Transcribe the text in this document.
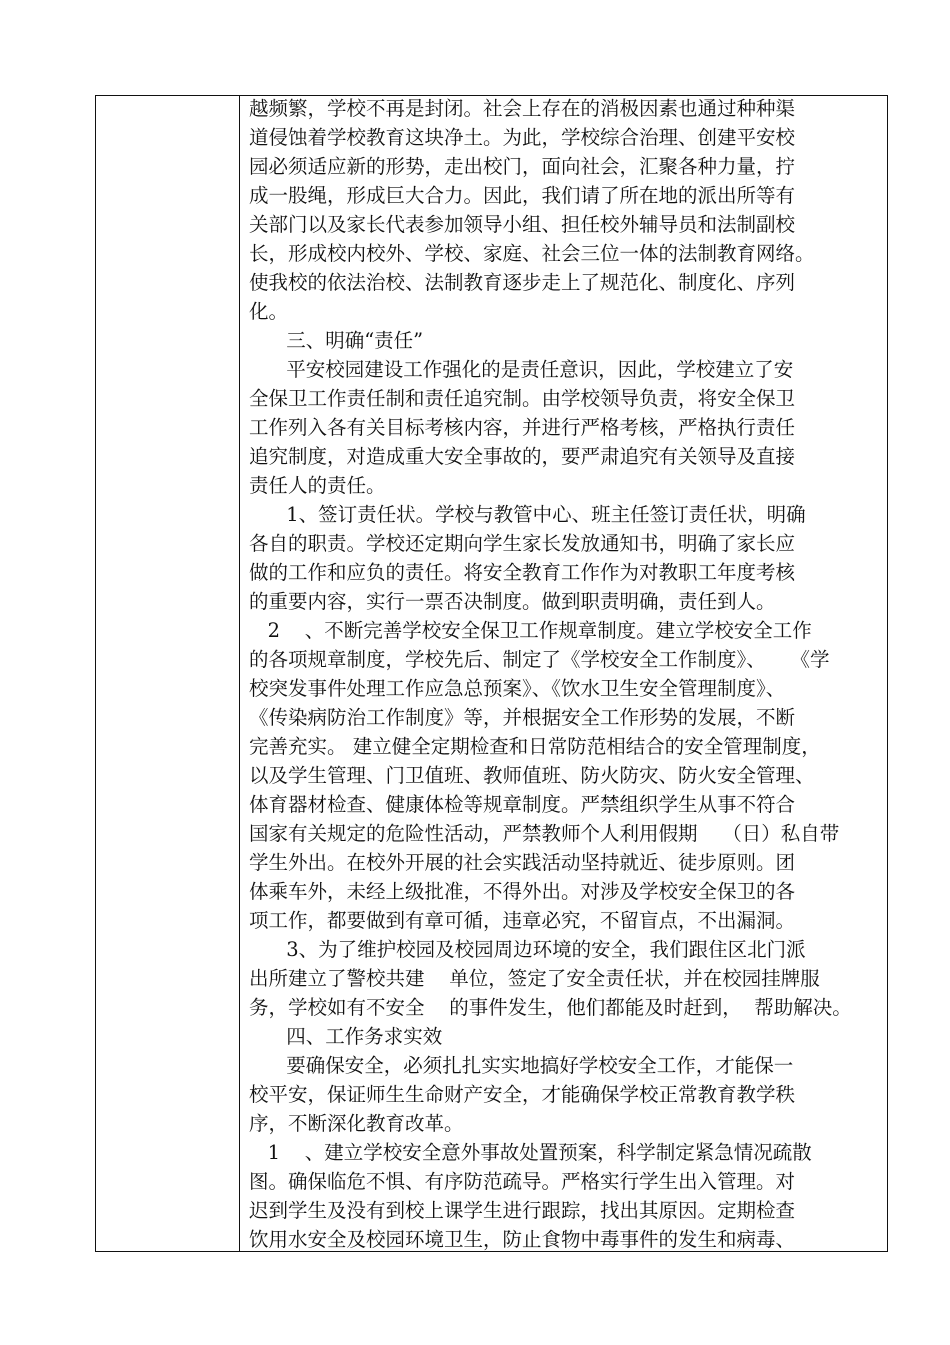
越频繁，学校不再是封闭。社会上存在的消极因素也通过种种渠
道侵蚀着学校教育这块净土。为此，学校综合治理、创建平安校
园必须适应新的形势，走出校门，面向社会，汇聚各种力量，拧
成一股绳，形成巨大合力。因此，我们请了所在地的派出所等有
关部门以及家长代表参加领导小组、担任校外辅导员和法制副校
长，形成校内校外、学校、家庭、社会三位一体的法制教育网络。
使我校的依法治校、法制教育逐步走上了规范化、制度化、序列
化。
三、明确“责任”
平安校园建设工作强化的是责任意识，因此，学校建立了安
全保卫工作责任制和责任追究制。由学校领导负责，将安全保卫
工作列入各有关目标考核内容，并进行严格考核，严格执行责任
追究制度，对造成重大安全事故的，要严肃追究有关领导及直接
责任人的责任。
1、签订责任状。学校与教管中心、班主任签订责任状，明确
各自的职责。学校还定期向学生家长发放通知书，明确了家长应
做的工作和应负的责任。将安全教育工作作为对教职工年度考核
的重要内容，实行一票否决制度。做到职责明确，责任到人。
2    、不断完善学校安全保卫工作规章制度。建立学校安全工作
的各项规章制度，学校先后、制定了《学校安全工作制度》、    《学
校突发事件处理工作应急总预案》、《饮水卫生安全管理制度》、
《传染病防治工作制度》等，并根据安全工作形势的发展，不断
完善充实。 建立健全定期检查和日常防范相结合的安全管理制度，
以及学生管理、门卫值班、教师值班、防火防灾、防火安全管理、
体育器材检查、健康体检等规章制度。严禁组织学生从事不符合
国家有关规定的危险性活动，严禁教师个人利用假期    （日）私自带
学生外出。在校外开展的社会实践活动坚持就近、徒步原则。团
体乘车外，未经上级批准，不得外出。对涉及学校安全保卫的各
项工作，都要做到有章可循，违章必究，不留盲点，不出漏洞。
3、为了维护校园及校园周边环境的安全，我们跟住区北门派
出所建立了警校共建    单位，签定了安全责任状，并在校园挂牌服
务，学校如有不安全    的事件发生，他们都能及时赶到，  帮助解决。
四、工作务求实效
要确保安全，必须扎扎实实地搞好学校安全工作，才能保一
校平安，保证师生生命财产安全，才能确保学校正常教育教学秩
序，不断深化教育改革。
1    、建立学校安全意外事故处置预案，科学制定紧急情况疏散
图。确保临危不惧、有序防范疏导。严格实行学生出入管理。对
迟到学生及没有到校上课学生进行跟踪，找出其原因。定期检查
饮用水安全及校园环境卫生，防止食物中毒事件的发生和病毒、
